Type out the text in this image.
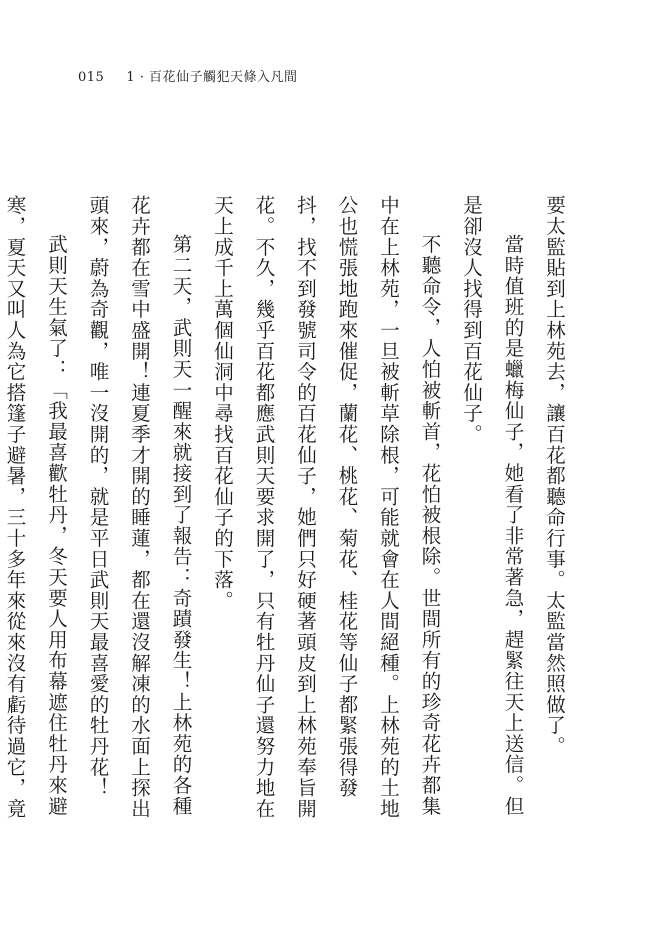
015 1 · 百花仙子觸犯天條入凡間

要太監貼到上林苑去，讓百花都聽命行事。太監當然照做了。

當時值班的是蠟梅仙子，她看了非常著急，趕緊往天上送信。但是卻沒人找得到百花仙子。

不聽命令，人怕被斬首，花怕被根除。世間所有的珍奇花卉都集中在上林苑，一旦被斬草除根，可能就會在人間絕種。上林苑的土地公也慌張地跑來催促，蘭花、桃花、菊花、桂花等仙子都緊張得發抖，找不到發號司令的百花仙子，她們只好硬著頭皮到上林苑奉旨開花。不久，幾乎百花都應武則天要求開了，只有牡丹仙子還努力地在天上成千上萬個仙洞中尋找百花仙子的下落。

第二天，武則天一醒來就接到了報告：奇蹟發生！上林苑的各種花卉都在雪中盛開！連夏季才開的睡蓮，都在還沒解凍的水面上探出頭來，蔚為奇觀，唯一沒開的，就是平日武則天最喜愛的牡丹花！

武則天生氣了：「我最喜歡牡丹，冬天要人用布幕遮住牡丹來避寒，夏天又叫人為它搭篷子避暑，三十多年來從來沒有虧待過它，竟
